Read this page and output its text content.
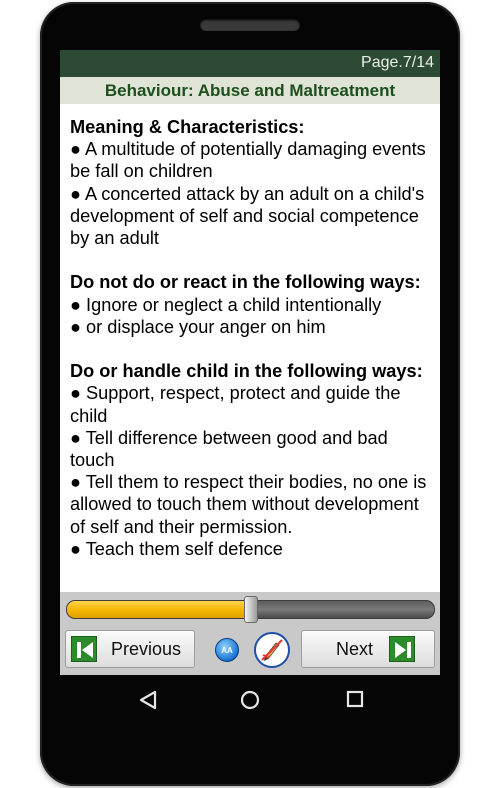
Page.7/14
Behaviour: Abuse and Maltreatment
Meaning & Characteristics:
● A multitude of potentially damaging events be fall on children
● A concerted attack by an adult on a child's development of self and social competence by an adult
Do not do or react in the following ways:
● Ignore or neglect a child intentionally
● or displace your anger on him
Do or handle child in the following ways:
● Support, respect, protect and guide the child
● Tell difference between good and bad touch
● Tell them to respect their bodies, no one is allowed to touch them without development of self and their permission.
● Teach them self defence
Previous	AA	Next
